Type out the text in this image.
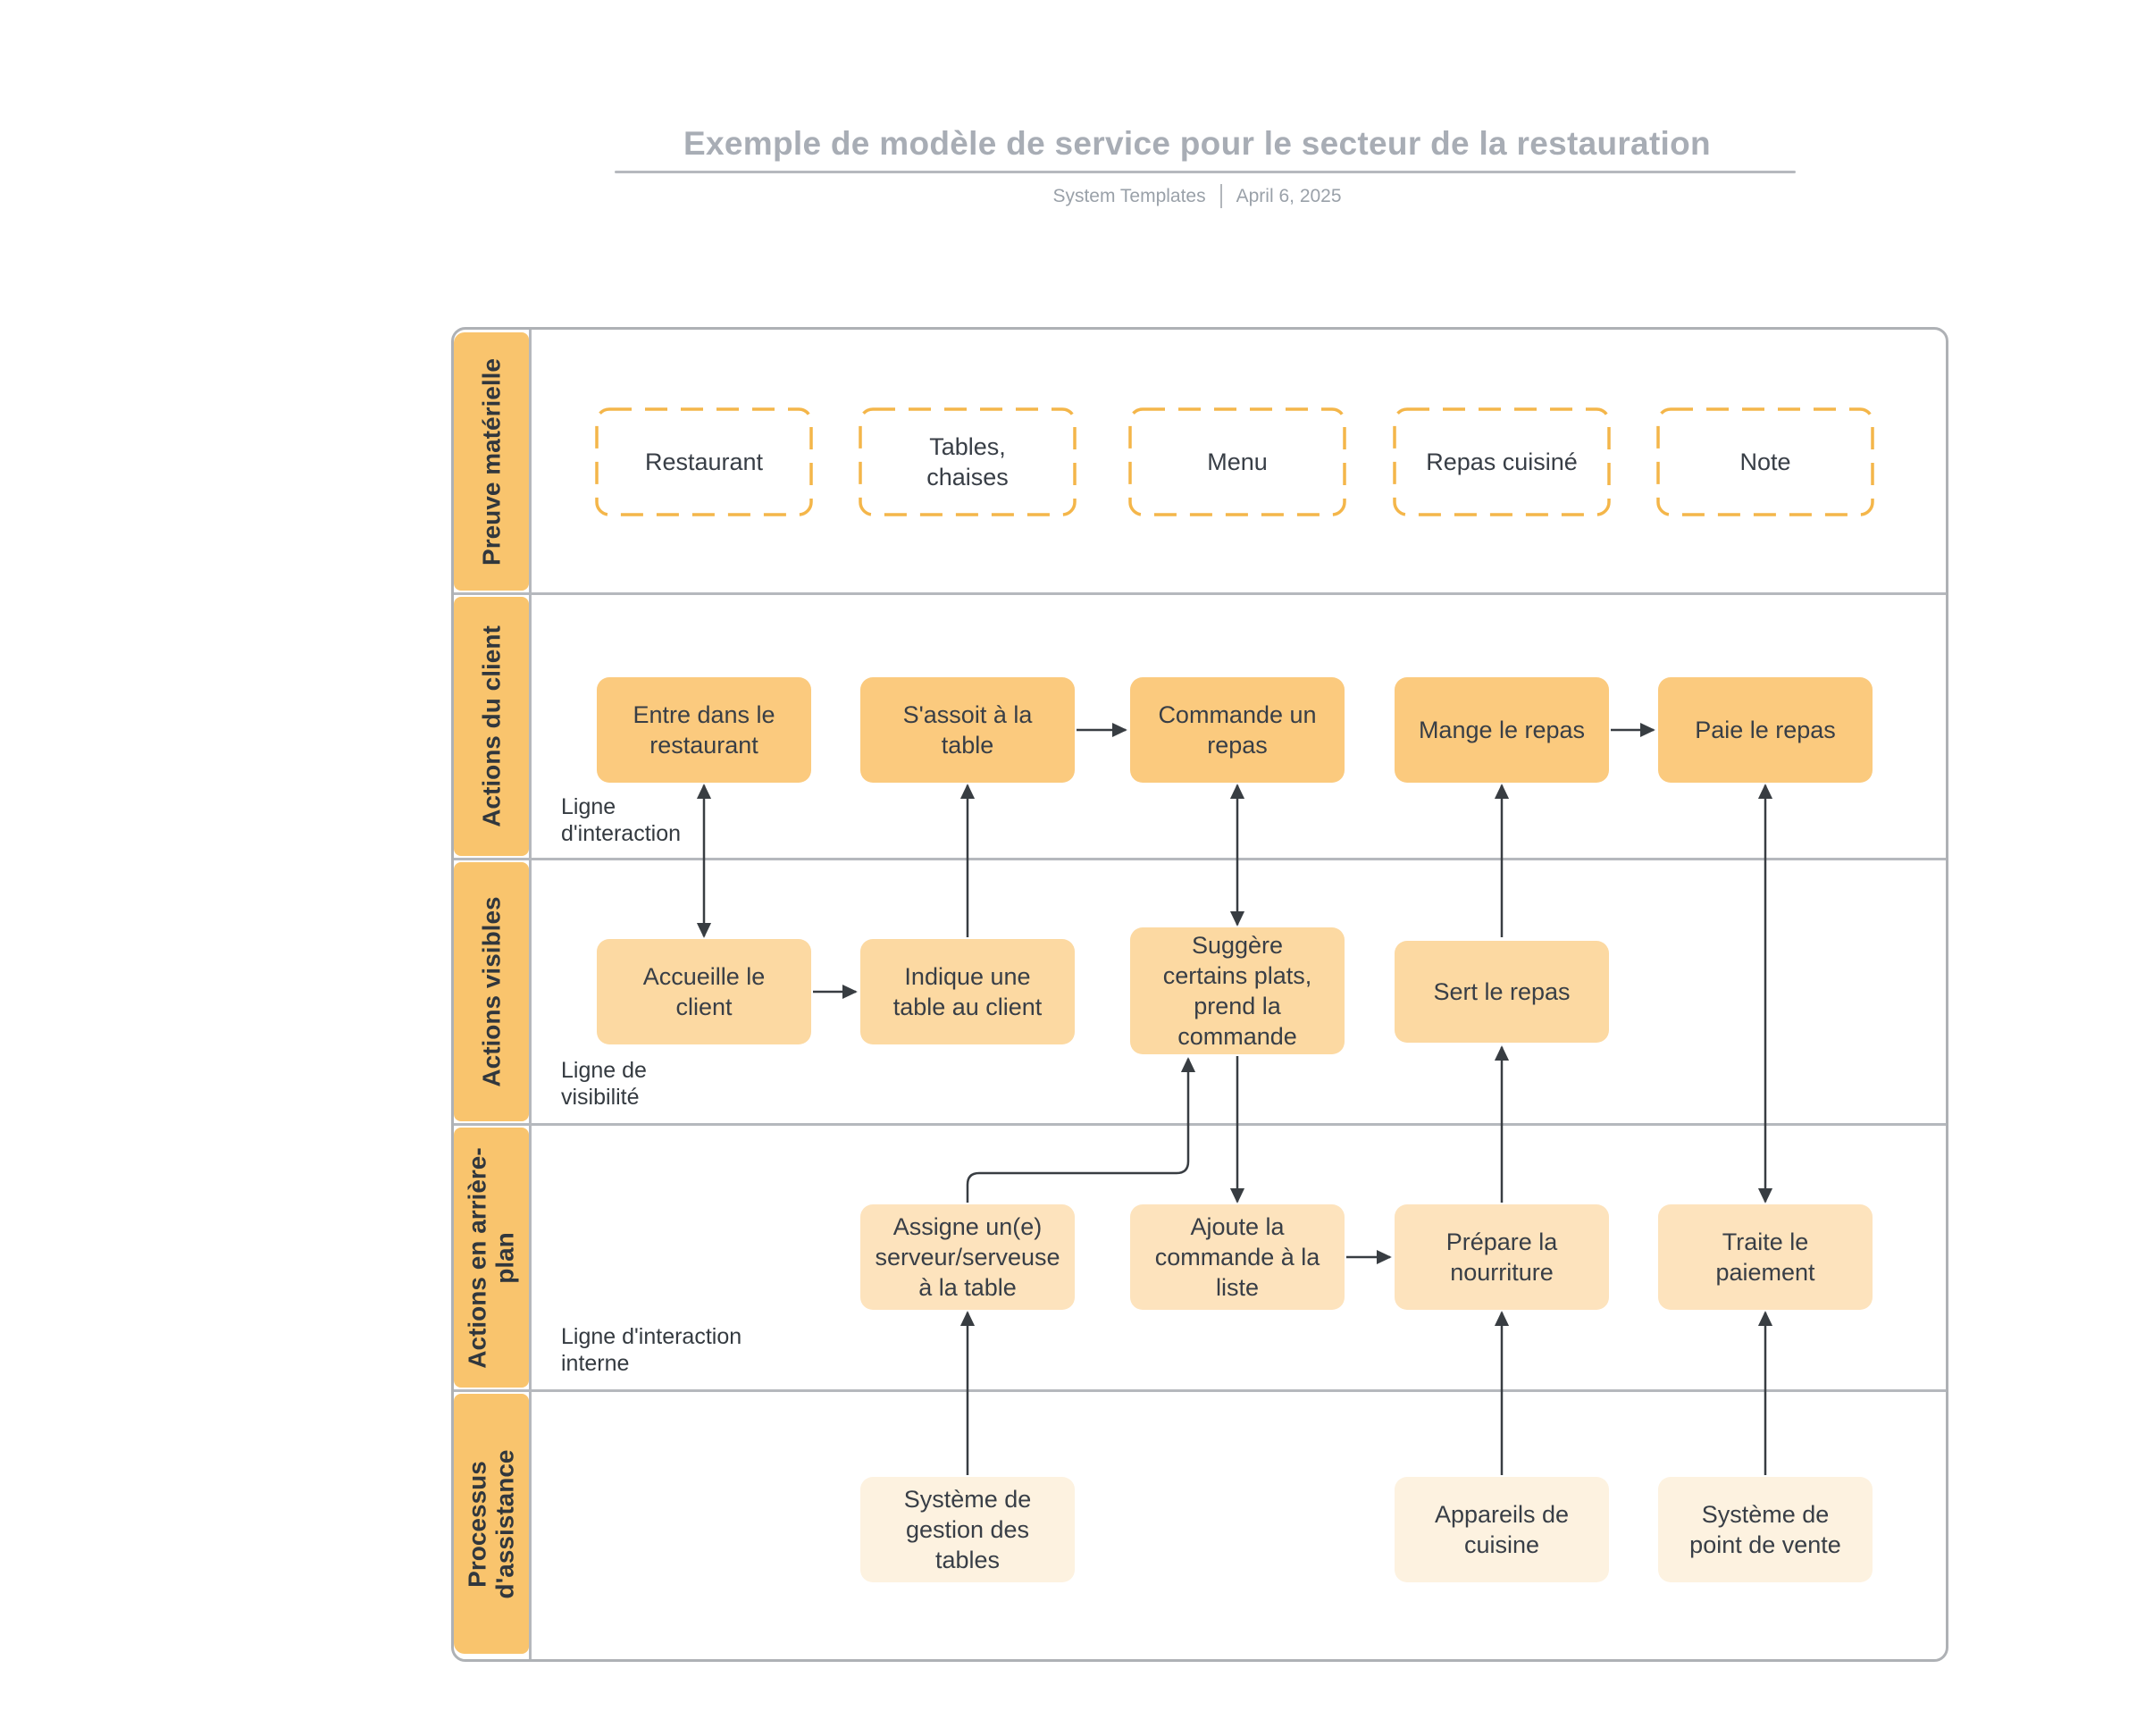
Exemple de modèle de service pour le secteur de la restauration
System Templates April 6, 2025
Preuve matérielle
Actions du client
Actions visibles
Actions en arrière-plan
Processus d'assistance
Restaurant
Tables, chaises
Menu	Repas cuisiné	Note
Entre dans le restaurant
S'assoit à la table
Commande un repas
Mange le repas	Paie le repas
Accueille le client
Indique une table au client
Suggère certains plats, prend la commande
Sert le repas
Assigne un(e) serveur/serveuse à la table
Ajoute la commande à la liste
Prépare la nourriture
Traite le paiement
Système de gestion des tables
Appareils de cuisine
Système de point de vente
Ligne d'interaction
Ligne de visibilité
Ligne d'interaction interne
